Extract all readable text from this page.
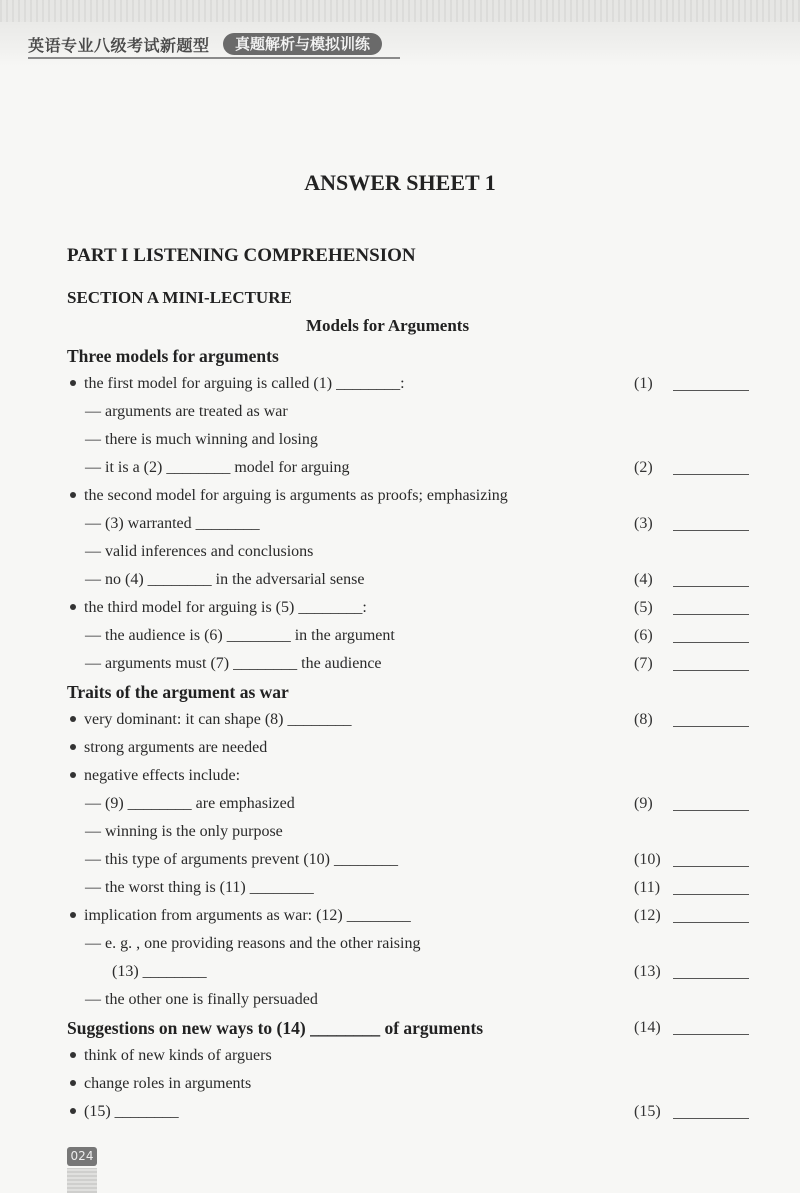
英语专业八级考试新题型	真题解析与模拟训练
ANSWER SHEET 1
PART I LISTENING COMPREHENSION
SECTION A MINI-LECTURE
Models for Arguments
Three models for arguments
the first model for arguing is called (1) ________:	(1)
— arguments are treated as war
— there is much winning and losing
— it is a (2) ________ model for arguing	(2)
the second model for arguing is arguments as proofs; emphasizing
— (3) warranted ________	(3)
— valid inferences and conclusions
— no (4) ________ in the adversarial sense	(4)
the third model for arguing is (5) ________:	(5)
— the audience is (6) ________ in the argument	(6)
— arguments must (7) ________ the audience	(7)
Traits of the argument as war
very dominant: it can shape (8) ________	(8)
strong arguments are needed
negative effects include:
— (9) ________ are emphasized	(9)
— winning is the only purpose
— this type of arguments prevent (10) ________	(10)
— the worst thing is (11) ________	(11)
implication from arguments as war: (12) ________	(12)
— e. g. , one providing reasons and the other raising
(13) ________	(13)
— the other one is finally persuaded
Suggestions on new ways to (14) ________ of arguments	(14)
think of new kinds of arguers
change roles in arguments
(15) ________	(15)
024
